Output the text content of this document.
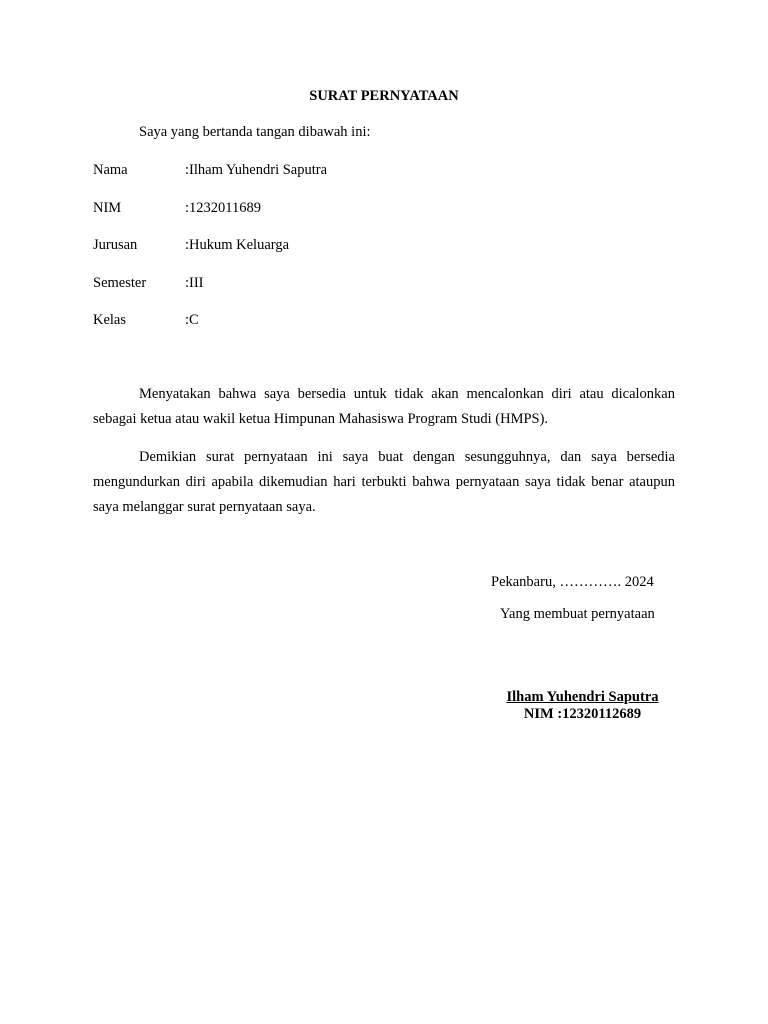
SURAT PERNYATAAN
Saya yang bertanda tangan dibawah ini:
Nama	:Ilham Yuhendri Saputra
NIM	:1232011689
Jurusan	:Hukum Keluarga
Semester	:III
Kelas	:C
Menyatakan bahwa saya bersedia untuk tidak akan mencalonkan diri atau dicalonkan sebagai ketua atau wakil ketua Himpunan Mahasiswa Program Studi (HMPS).
Demikian surat pernyataan ini saya buat dengan sesungguhnya, dan saya bersedia mengundurkan diri apabila dikemudian hari terbukti bahwa pernyataan saya tidak benar ataupun saya melanggar surat pernyataan saya.
Pekanbaru, …………. 2024
Yang membuat pernyataan
Ilham Yuhendri Saputra
NIM :12320112689
